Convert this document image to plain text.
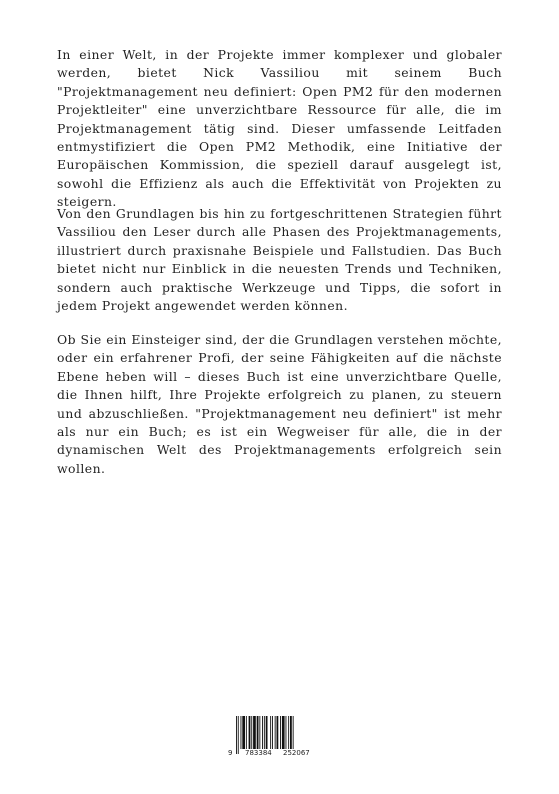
In einer Welt, in der Projekte immer komplexer und globaler werden, bietet Nick Vassiliou mit seinem Buch "Projektmanagement neu definiert: Open PM2 für den modernen Projektleiter" eine unverzichtbare Ressource für alle, die im Projektmanagement tätig sind. Dieser umfassende Leitfaden entmystifiziert die Open PM2 Methodik, eine Initiative der Europäischen Kommission, die speziell darauf ausgelegt ist, sowohl die Effizienz als auch die Effektivität von Projekten zu steigern.

Von den Grundlagen bis hin zu fortgeschrittenen Strategien führt Vassiliou den Leser durch alle Phasen des Projektmanagements, illustriert durch praxisnahe Beispiele und Fallstudien. Das Buch bietet nicht nur Einblick in die neuesten Trends und Techniken, sondern auch praktische Werkzeuge und Tipps, die sofort in jedem Projekt angewendet werden können.

Ob Sie ein Einsteiger sind, der die Grundlagen verstehen möchte, oder ein erfahrener Profi, der seine Fähigkeiten auf die nächste Ebene heben will – dieses Buch ist eine unverzichtbare Quelle, die Ihnen hilft, Ihre Projekte erfolgreich zu planen, zu steuern und abzuschließen. "Projektmanagement neu definiert" ist mehr als nur ein Buch; es ist ein Wegweiser für alle, die in der dynamischen Welt des Projektmanagements erfolgreich sein wollen.

9 783384 252067
